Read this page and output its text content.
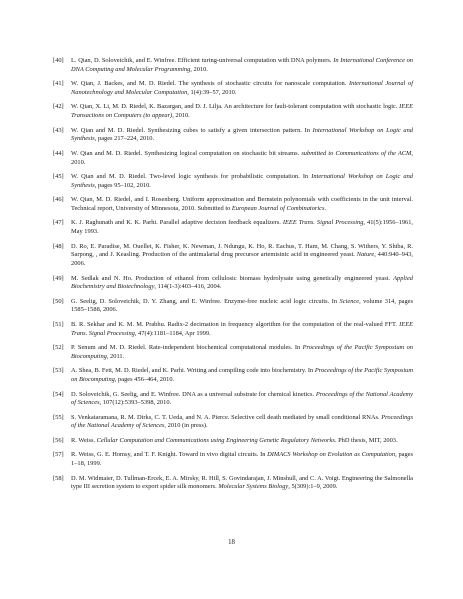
[40]	L. Qian, D. Soloveichik, and E. Winfree. Efficient turing-universal computation with DNA polymers. In International Conference on DNA Computing and Molecular Programming, 2010.
[41]	W. Qian, J. Backes, and M. D. Riedel. The synthesis of stochastic circuits for nanoscale computation. International Journal of Nanotechnology and Molecular Computation, 1(4):39–57, 2010.
[42]	W. Qian, X. Li, M. D. Riedel, K. Bazargan, and D. J. Lilja. An architecture for fault-tolerant computation with stochastic logic. IEEE Transactions on Computers (to appear), 2010.
[43]	W. Qian and M. D. Riedel. Synthesizing cubes to satisfy a given intersection pattern. In International Workshop on Logic and Synthesis, pages 217–224, 2010.
[44]	W. Qian and M. D. Riedel. Synthesizing logical computation on stochastic bit streams. submitted to Communications of the ACM, 2010.
[45]	W. Qian and M. D. Riedel. Two-level logic synthesis for probabilistic computation. In International Workshop on Logic and Synthesis, pages 95–102, 2010.
[46]	W. Qian, M. D. Riedel, and I. Rosenberg. Uniform approximation and Bernstein polynomials with coefficients in the unit interval. Technical report, University of Minnesota, 2010. Submitted to European Journal of Combinatorics.
[47]	K. J. Raghunath and K. K. Parhi. Parallel adaptive decision feedback equalizers. IEEE Trans. Signal Processing, 41(5):1956–1961, May 1993.
[48]	D. Ro, E. Paradise, M. Ouellet, K. Fisher, K. Newman, J. Ndungu, K. Ho, R. Eachus, T. Ham, M. Chang, S. Withers, Y. Shiba, R. Sarpong, , and J. Keasling. Production of the antimalarial drug precursor artemisinic acid in engineered yeast. Nature, 440:940–943, 2006.
[49]	M. Sedlak and N. Ho. Production of ethanol from cellulosic biomass hydrolysate using genetically engineered yeast. Applied Biochemistry and Biotechnology, 114(1-3):403–416, 2004.
[50]	G. Seelig, D. Soloveichik, D. Y. Zhang, and E. Winfree. Enzyme-free nucleic acid logic circuits. In Science, volume 314, pages 1585–1588, 2006.
[51]	B. R. Sekhar and K. M. M. Prabhu. Radix-2 decimation in frequency algorithm for the computation of the real-valued FFT. IEEE Trans. Signal Processing, 47(4):1181–1184, Apr 1999.
[52]	P. Senum and M. D. Riedel. Rate-independent biochemical computational modules. In Proceedings of the Pacific Symposium on Biocomputing, 2011.
[53]	A. Shea, B. Fett, M. D. Riedel, and K. Parhi. Writing and compiling code into biochemistry. In Proceedings of the Pacific Symposium on Biocomputing, pages 456–464, 2010.
[54]	D. Soloveichik, G. Seelig, and E. Winfree. DNA as a universal substrate for chemical kinetics. Proceedings of the National Academy of Sciences, 107(12):5393–5398, 2010.
[55]	S. Venkataramana, R. M. Dirks, C. T. Ueda, and N. A. Pierce. Selective cell death mediated by small conditional RNAs. Proceedings of the National Academy of Sciences, 2010 (in press).
[56]	R. Weiss. Cellular Computation and Communications using Engineering Genetic Regulatory Networks. PhD thesis, MIT, 2003.
[57]	R. Weiss, G. E. Homsy, and T. F. Knight. Toward in vivo digital circuits. In DIMACS Workshop on Evolution as Computation, pages 1–18, 1999.
[58]	D. M. Widmaier, D. Tullman-Ercek, E. A. Mirsky, R. Hill, S. Govindarajan, J. Minshull, and C. A. Voigt. Engineering the Salmonella type III secretion system to export spider silk monomers. Molecular Systems Biology, 5(309):1–9, 2009.
18
